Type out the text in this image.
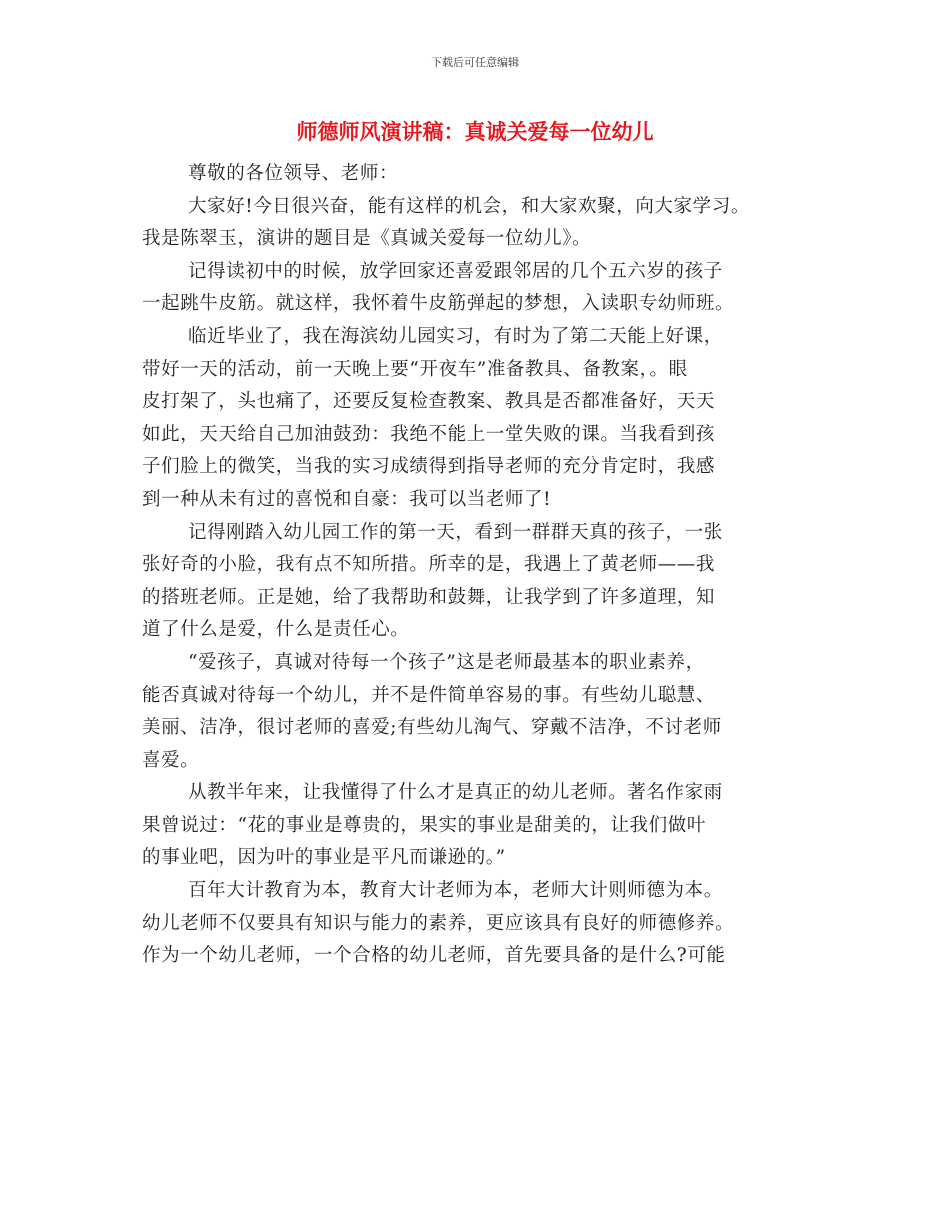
下载后可任意编辑
师德师风演讲稿：真诚关爱每一位幼儿
尊敬的各位领导、老师：
大家好!今日很兴奋，能有这样的机会，和大家欢聚，向大家学习。
我是陈翠玉，演讲的题目是《真诚关爱每一位幼儿》。
记得读初中的时候，放学回家还喜爱跟邻居的几个五六岁的孩子
一起跳牛皮筋。就这样，我怀着牛皮筋弹起的梦想，入读职专幼师班。
临近毕业了，我在海滨幼儿园实习，有时为了第二天能上好课，
带好一天的活动，前一天晚上要“开夜车”准备教具、备教案，。眼
皮打架了，头也痛了，还要反复检查教案、教具是否都准备好，天天
如此，天天给自己加油鼓劲：我绝不能上一堂失败的课。当我看到孩
子们脸上的微笑，当我的实习成绩得到指导老师的充分肯定时，我感
到一种从未有过的喜悦和自豪：我可以当老师了!
记得刚踏入幼儿园工作的第一天，看到一群群天真的孩子，一张
张好奇的小脸，我有点不知所措。所幸的是，我遇上了黄老师——我
的搭班老师。正是她，给了我帮助和鼓舞，让我学到了许多道理，知
道了什么是爱，什么是责任心。
“爱孩子，真诚对待每一个孩子”这是老师最基本的职业素养，
能否真诚对待每一个幼儿，并不是件简单容易的事。有些幼儿聪慧、
美丽、洁净，很讨老师的喜爱;有些幼儿淘气、穿戴不洁净，不讨老师
喜爱。
从教半年来，让我懂得了什么才是真正的幼儿老师。著名作家雨
果曾说过：“花的事业是尊贵的，果实的事业是甜美的，让我们做叶
的事业吧，因为叶的事业是平凡而谦逊的。”
百年大计教育为本，教育大计老师为本，老师大计则师德为本。
幼儿老师不仅要具有知识与能力的素养，更应该具有良好的师德修养。
作为一个幼儿老师，一个合格的幼儿老师，首先要具备的是什么?可能
